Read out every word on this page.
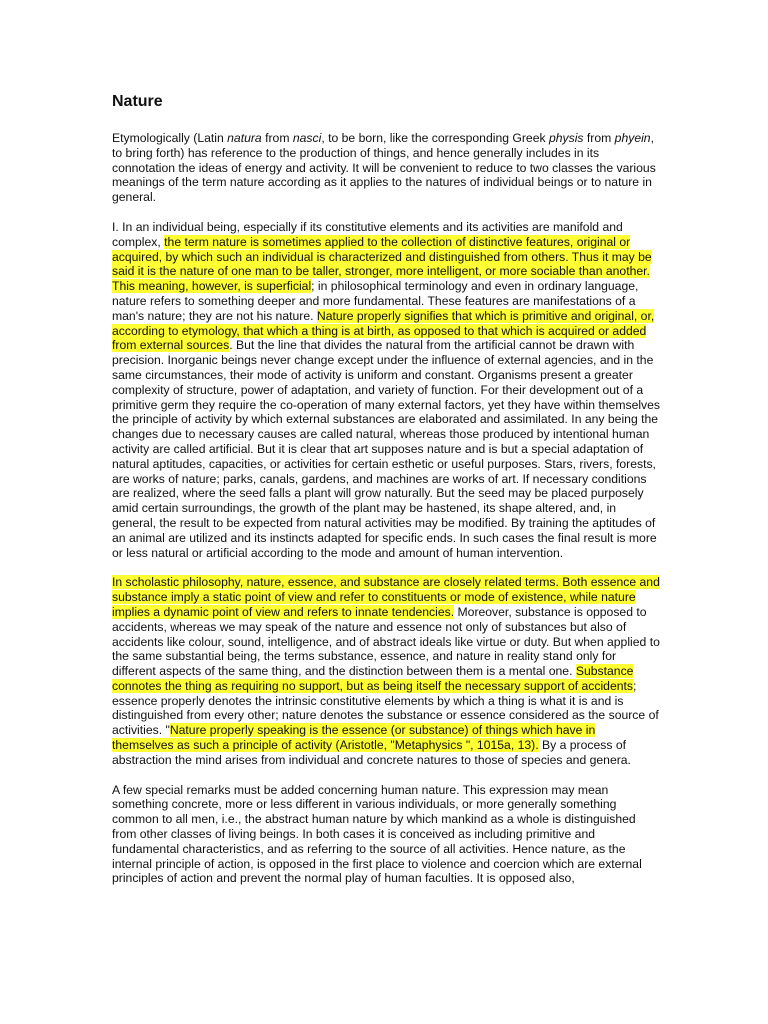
Nature

Etymologically (Latin natura from nasci, to be born, like the corresponding Greek physis from phyein, to bring forth) has reference to the production of things, and hence generally includes in its connotation the ideas of energy and activity. It will be convenient to reduce to two classes the various meanings of the term nature according as it applies to the natures of individual beings or to nature in general.

I. In an individual being, especially if its constitutive elements and its activities are manifold and complex, the term nature is sometimes applied to the collection of distinctive features, original or acquired, by which such an individual is characterized and distinguished from others. Thus it may be said it is the nature of one man to be taller, stronger, more intelligent, or more sociable than another. This meaning, however, is superficial; in philosophical terminology and even in ordinary language, nature refers to something deeper and more fundamental. These features are manifestations of a man's nature; they are not his nature. Nature properly signifies that which is primitive and original, or, according to etymology, that which a thing is at birth, as opposed to that which is acquired or added from external sources. But the line that divides the natural from the artificial cannot be drawn with precision. Inorganic beings never change except under the influence of external agencies, and in the same circumstances, their mode of activity is uniform and constant. Organisms present a greater complexity of structure, power of adaptation, and variety of function. For their development out of a primitive germ they require the co-operation of many external factors, yet they have within themselves the principle of activity by which external substances are elaborated and assimilated. In any being the changes due to necessary causes are called natural, whereas those produced by intentional human activity are called artificial. But it is clear that art supposes nature and is but a special adaptation of natural aptitudes, capacities, or activities for certain esthetic or useful purposes. Stars, rivers, forests, are works of nature; parks, canals, gardens, and machines are works of art. If necessary conditions are realized, where the seed falls a plant will grow naturally. But the seed may be placed purposely amid certain surroundings, the growth of the plant may be hastened, its shape altered, and, in general, the result to be expected from natural activities may be modified. By training the aptitudes of an animal are utilized and its instincts adapted for specific ends. In such cases the final result is more or less natural or artificial according to the mode and amount of human intervention.

In scholastic philosophy, nature, essence, and substance are closely related terms. Both essence and substance imply a static point of view and refer to constituents or mode of existence, while nature implies a dynamic point of view and refers to innate tendencies. Moreover, substance is opposed to accidents, whereas we may speak of the nature and essence not only of substances but also of accidents like colour, sound, intelligence, and of abstract ideals like virtue or duty. But when applied to the same substantial being, the terms substance, essence, and nature in reality stand only for different aspects of the same thing, and the distinction between them is a mental one. Substance connotes the thing as requiring no support, but as being itself the necessary support of accidents; essence properly denotes the intrinsic constitutive elements by which a thing is what it is and is distinguished from every other; nature denotes the substance or essence considered as the source of activities. "Nature properly speaking is the essence (or substance) of things which have in themselves as such a principle of activity (Aristotle, "Metaphysics ", 1015a, 13). By a process of abstraction the mind arises from individual and concrete natures to those of species and genera.

A few special remarks must be added concerning human nature. This expression may mean something concrete, more or less different in various individuals, or more generally something common to all men, i.e., the abstract human nature by which mankind as a whole is distinguished from other classes of living beings. In both cases it is conceived as including primitive and fundamental characteristics, and as referring to the source of all activities. Hence nature, as the internal principle of action, is opposed in the first place to violence and coercion which are external principles of action and prevent the normal play of human faculties. It is opposed also,
